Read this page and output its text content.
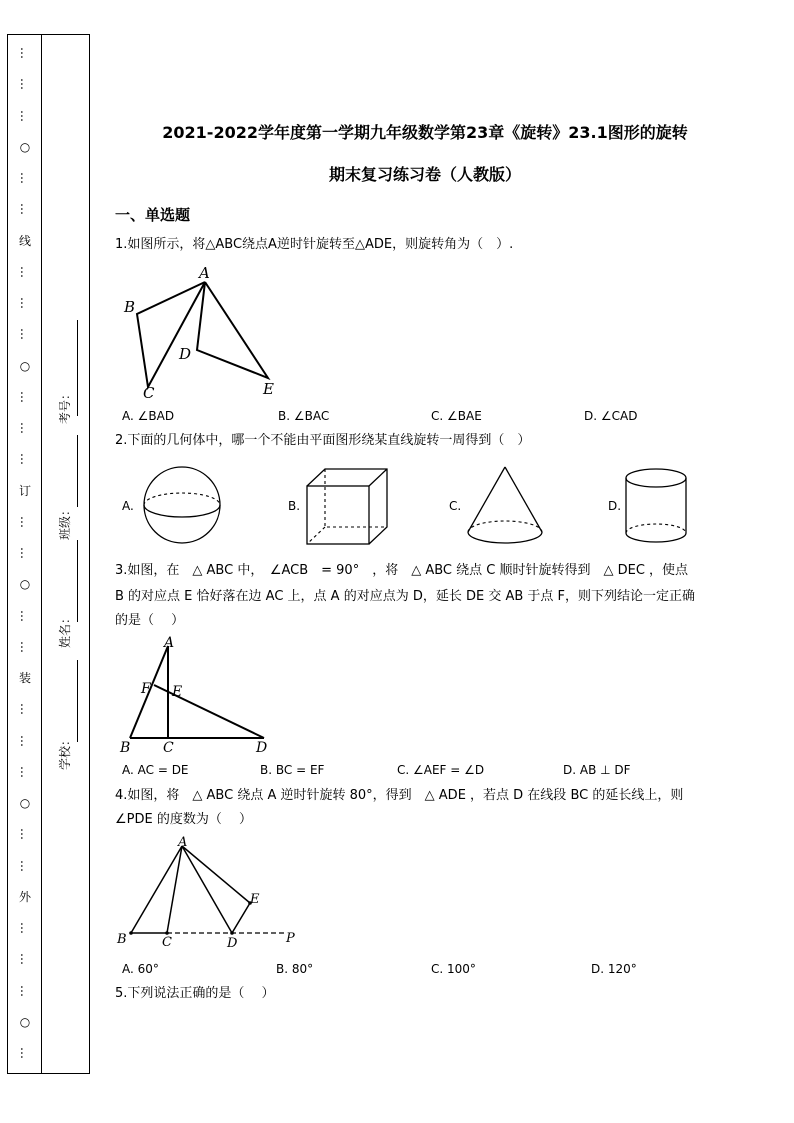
…
…
…
○
…
…
线
…
…
…
○
…
…
…
订
…
…
○
…
…
装
…
…
…
○
…
…
外
…
…
…
○
…
考号：
班级：
姓名：
学校：
2021-2022学年度第一学期九年级数学第23章《旋转》23.1图形的旋转
期末复习练习卷（人教版）
一、单选题
1.如图所示，将△ABC绕点A逆时针旋转至△ADE，则旋转角为（　）.
A
B
C
D
E
A. ∠BAD	B. ∠BAC	C. ∠BAE	D. ∠CAD
2.下面的几何体中，哪一个不能由平面图形绕某直线旋转一周得到（　）
A.	B.	C.	D.
3.如图，在　△ ABC 中，　∠ACB　= 90°　，将　△ ABC 绕点 C 顺时针旋转得到　△ DEC ，使点
B 的对应点 E 恰好落在边 AC 上，点 A 的对应点为 D，延长 DE 交 AB 于点 F，则下列结论一定正确
的是（　 ）
A
F E
B C	D
A. AC = DE	B. BC = EF	C. ∠AEF = ∠D	D. AB ⊥ DF
4.如图，将　△ ABC 绕点 A 逆时针旋转 80°，得到　△ ADE ，若点 D 在线段 BC 的延长线上，则
∠PDE 的度数为（　 ）
A
B	C	D
E
P
A. 60°	B. 80°	C. 100°	D. 120°
5.下列说法正确的是（　 ）
